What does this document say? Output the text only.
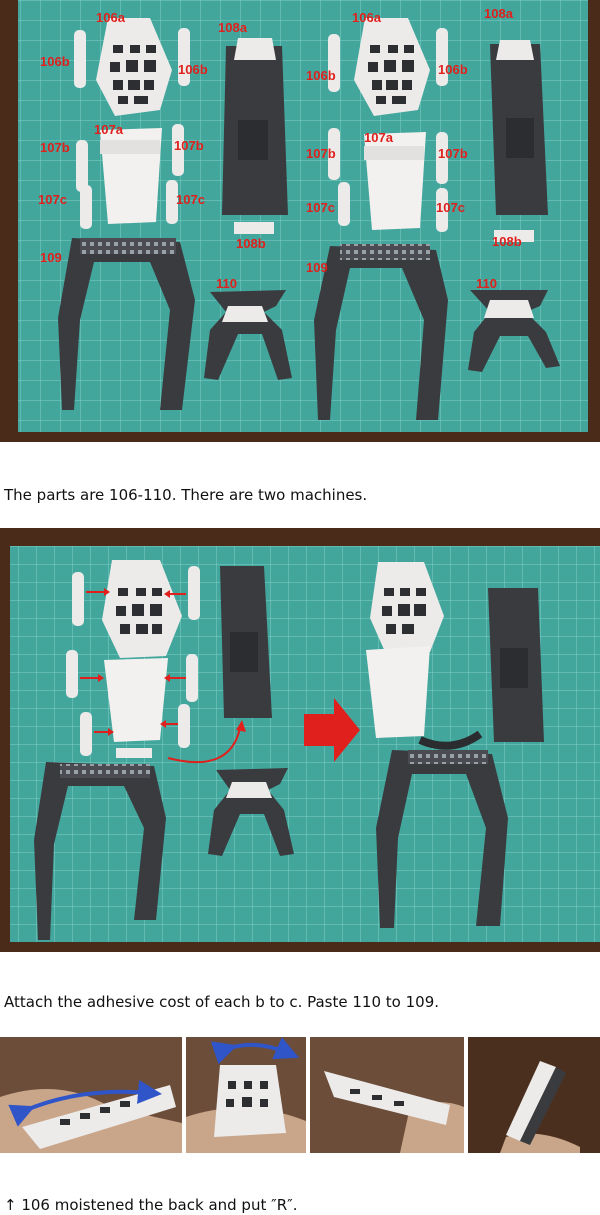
106a
106b
106b
107a
107b	107b
107c	107c
108a
108b
109
110
106a
106b	106b
107a
107b	107b
107c	107c
108a
108b
109
110
The parts are 106-110. There are two machines.
Attach the adhesive cost of each b to c. Paste 110 to 109.
↑ 106 moistened the back and put ″R″.
